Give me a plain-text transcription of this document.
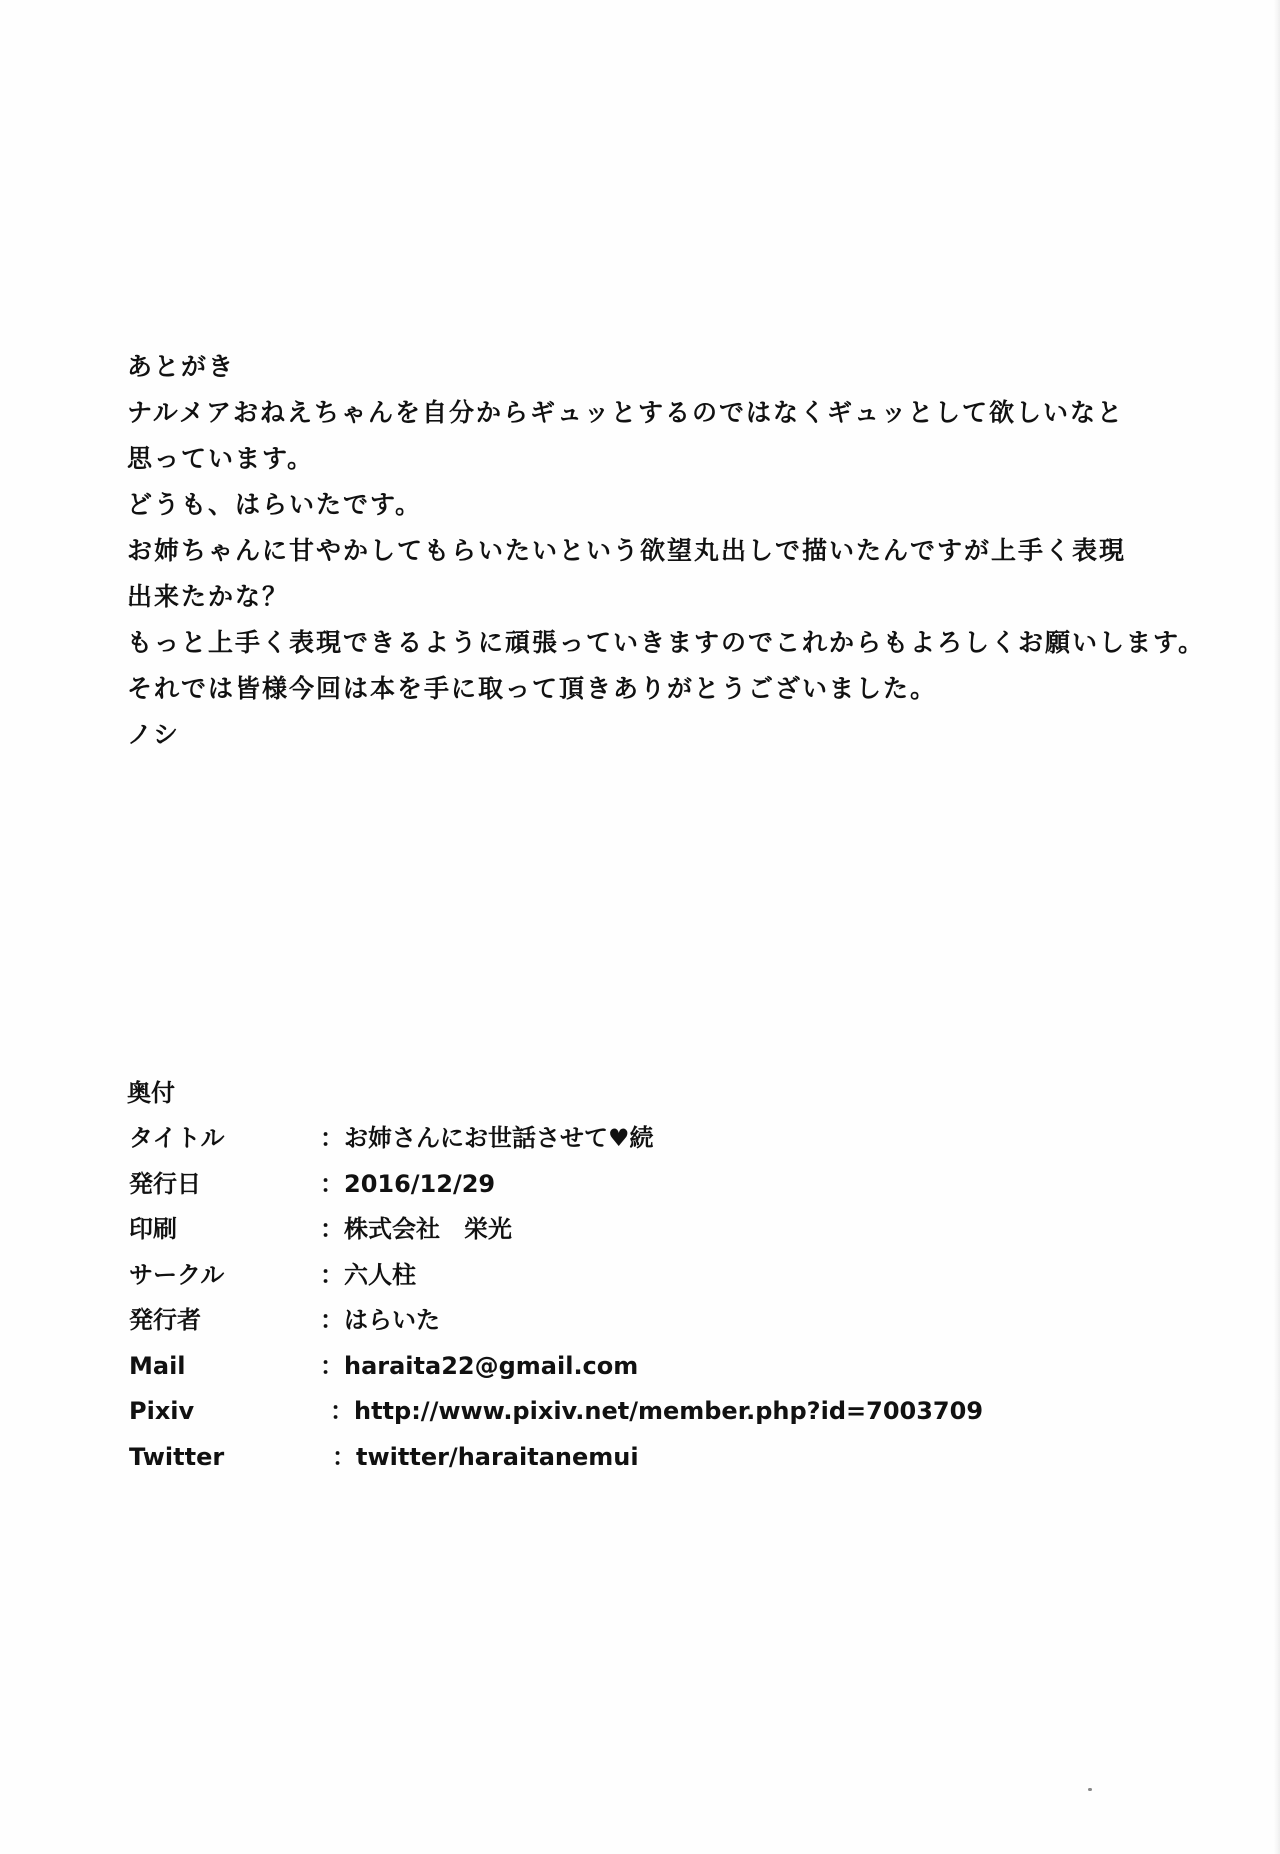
あとがき
ナルメアおねえちゃんを自分からギュッとするのではなくギュッとして欲しいなと
思っています。
どうも、はらいたです。
お姉ちゃんに甘やかしてもらいたいという欲望丸出しで描いたんですが上手く表現
出来たかな？
もっと上手く表現できるように頑張っていきますのでこれからもよろしくお願いします。
それでは皆様今回は本を手に取って頂きありがとうございました。
ノシ
奥付
タイトル	：お姉さんにお世話させて♥続
発行日	：2016/12/29
印刷	：株式会社　栄光
サークル	：六人柱
発行者	：はらいた
Mail	：haraita22@gmail.com
Pixiv	：http://www.pixiv.net/member.php?id=7003709
Twitter	：twitter/haraitanemui
